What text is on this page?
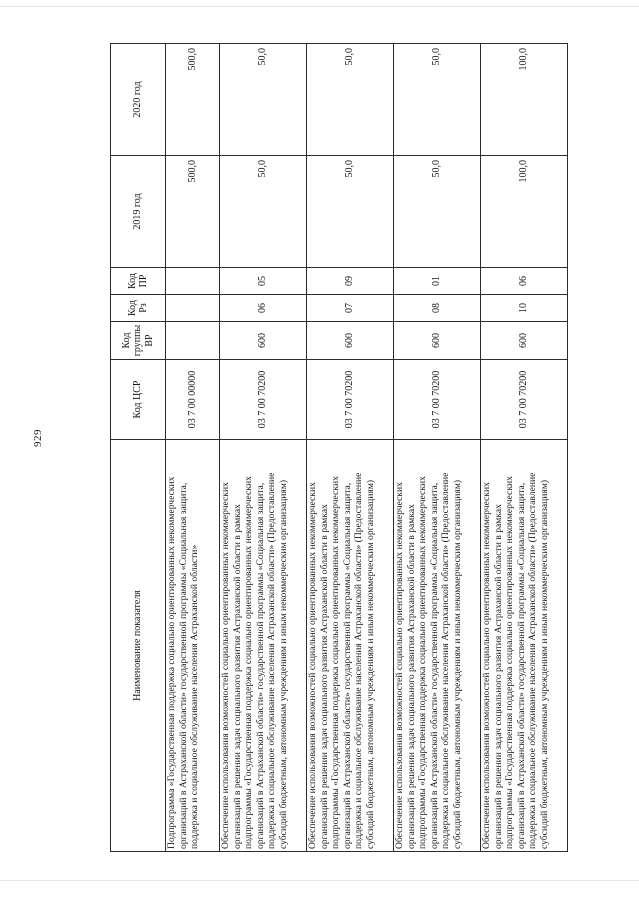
929
Наименование показателя	Код ЦСР	Код группы ВР	Код Рз	Код ПР	2019 год	2020 год
Подпрограмма «Государственная поддержка социально ориентированных некоммерческих организаций в Астраханской области» государственной программы «Социальная защита, поддержка и социальное обслуживание населения Астраханской области»	03 7 00 00000				500,0	500,0
Обеспечение использования возможностей социально ориентированных некоммерческих организаций в решении задач социального развития Астраханской области в рамках подпрограммы «Государственная поддержка социально ориентированных некоммерческих организаций в Астраханской области» государственной программы «Социальная защита, поддержка и социальное обслуживание населения Астраханской области» (Предоставление субсидий бюджетным, автономным учреждениям и иным некоммерческим организациям)	03 7 00 70200	600	06	05	50,0	50,0
Обеспечение использования возможностей социально ориентированных некоммерческих организаций в решении задач социального развития Астраханской области в рамках подпрограммы «Государственная поддержка социально ориентированных некоммерческих организаций в Астраханской области» государственной программы «Социальная защита, поддержка и социальное обслуживание населения Астраханской области» (Предоставление субсидий бюджетным, автономным учреждениям и иным некоммерческим организациям)	03 7 00 70200	600	07	09	50,0	50,0
Обеспечение использования возможностей социально ориентированных некоммерческих организаций в решении задач социального развития Астраханской области в рамках подпрограммы «Государственная поддержка социально ориентированных некоммерческих организаций в Астраханской области» государственной программы «Социальная защита, поддержка и социальное обслуживание населения Астраханской области» (Предоставление субсидий бюджетным, автономным учреждениям и иным некоммерческим организациям)	03 7 00 70200	600	08	01	50,0	50,0
Обеспечение использования возможностей социально ориентированных некоммерческих организаций в решении задач социального развития Астраханской области в рамках подпрограммы «Государственная поддержка социально ориентированных некоммерческих организаций в Астраханской области» государственной программы «Социальная защита, поддержка и социальное обслуживание населения Астраханской области» (Предоставление субсидий бюджетным, автономным учреждениям и иным некоммерческим организациям)	03 7 00 70200	600	10	06	100,0	100,0
